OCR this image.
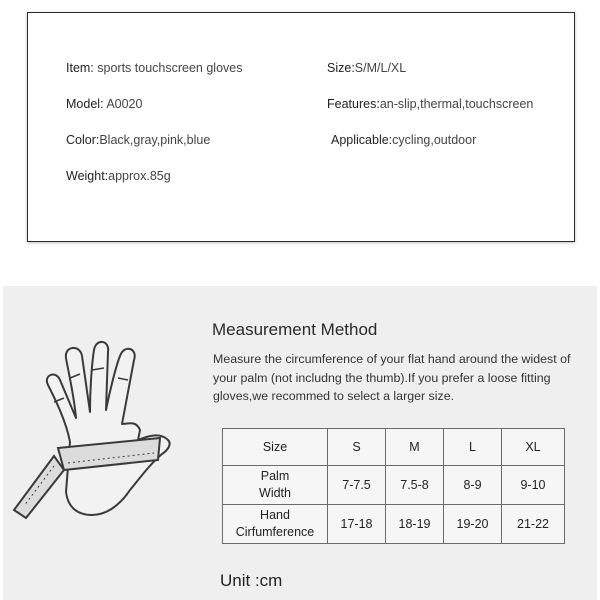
Item: sports touchscreen gloves
Model: A0020
Color:Black,gray,pink,blue
Weight:approx.85g
Size:S/M/L/XL
Features:an-slip,thermal,touchscreen
Applicable:cycling,outdoor
Measurement Method
Measure the circumference of your flat hand around the widest of your palm (not includng the thumb).If you prefer a loose fitting gloves,we recommed to select a larger size.
Size	S	M	L	XL

Palm
Width	7-7.5	7.5-8	8-9	9-10

Hand
Cirfumference	17-18	18-19	19-20	21-22
Unit :cm
